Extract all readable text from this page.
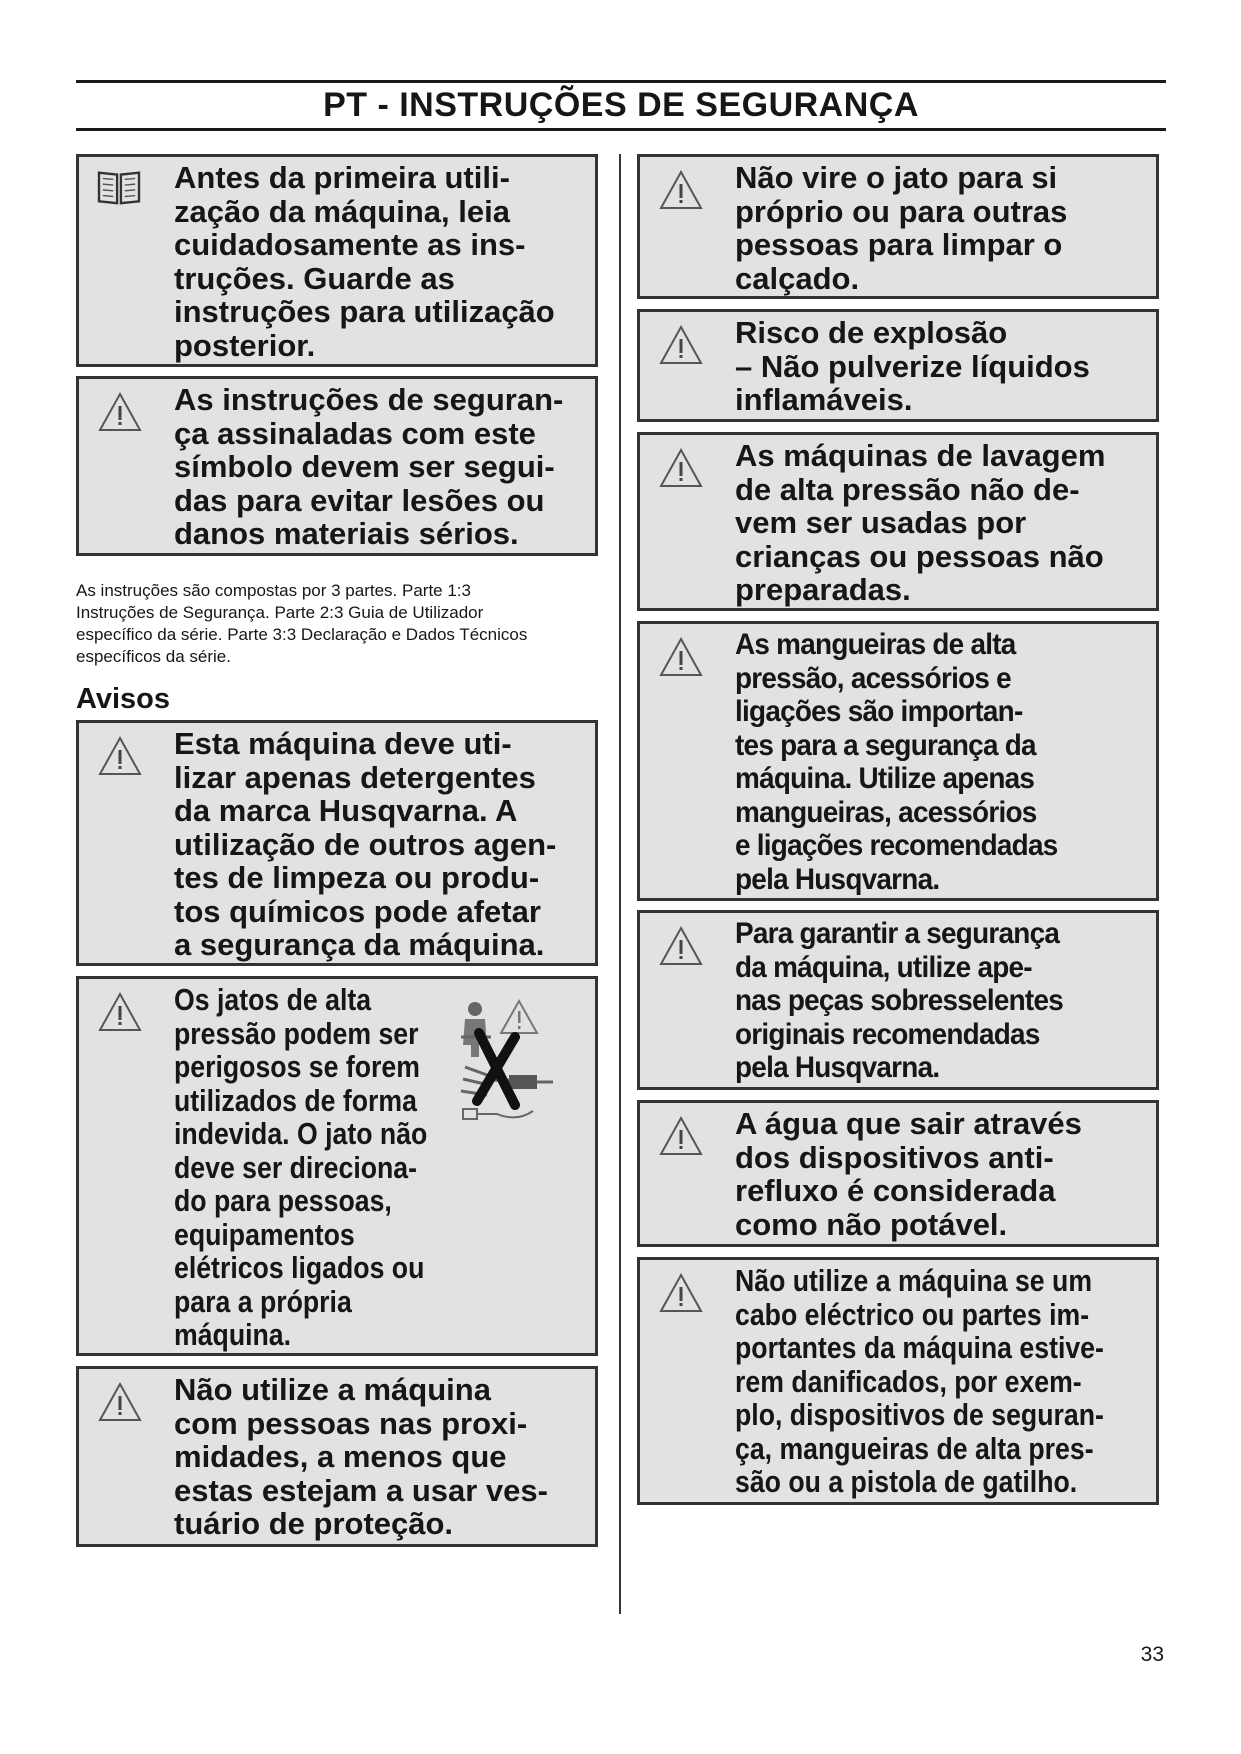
PT - INSTRUÇÕES DE SEGURANÇA
Antes da primeira utili-
zação da máquina, leia
cuidadosamente as ins-
truções. Guarde as
instruções para utilização
posterior.
As instruções de seguran-
ça assinaladas com este
símbolo devem ser segui-
das para evitar lesões ou
danos materiais sérios.
As instruções são compostas por 3 partes. Parte 1:3
Instruções de Segurança. Parte 2:3 Guia de Utilizador
específico da série. Parte 3:3 Declaração e Dados Técnicos
específicos da série.
Avisos
Esta máquina deve uti-
lizar apenas detergentes
da marca Husqvarna. A
utilização de outros agen-
tes de limpeza ou produ-
tos químicos pode afetar
a segurança da máquina.
Os jatos de alta
pressão podem ser
perigosos se forem
utilizados de forma
indevida. O jato não
deve ser direciona-
do para pessoas,
equipamentos
elétricos ligados ou
para a própria
máquina.
Não utilize a máquina
com pessoas nas proxi-
midades, a menos que
estas estejam a usar ves-
tuário de proteção.
Não vire o jato para si
próprio ou para outras
pessoas para limpar o
calçado.
Risco de explosão
– Não pulverize líquidos
inflamáveis.
As máquinas de lavagem
de alta pressão não de-
vem ser usadas por
crianças ou pessoas não
preparadas.
As mangueiras de alta
pressão, acessórios e
ligações são importan-
tes para a segurança da
máquina. Utilize apenas
mangueiras, acessórios
e ligações recomendadas
pela Husqvarna.
Para garantir a segurança
da máquina, utilize ape-
nas peças sobresselentes
originais recomendadas
pela Husqvarna.
A água que sair através
dos dispositivos anti-
refluxo é considerada
como não potável.
Não utilize a máquina se um
cabo eléctrico ou partes im-
portantes da máquina estive-
rem danificados, por exem-
plo, dispositivos de seguran-
ça, mangueiras de alta pres-
são ou a pistola de gatilho.
33
